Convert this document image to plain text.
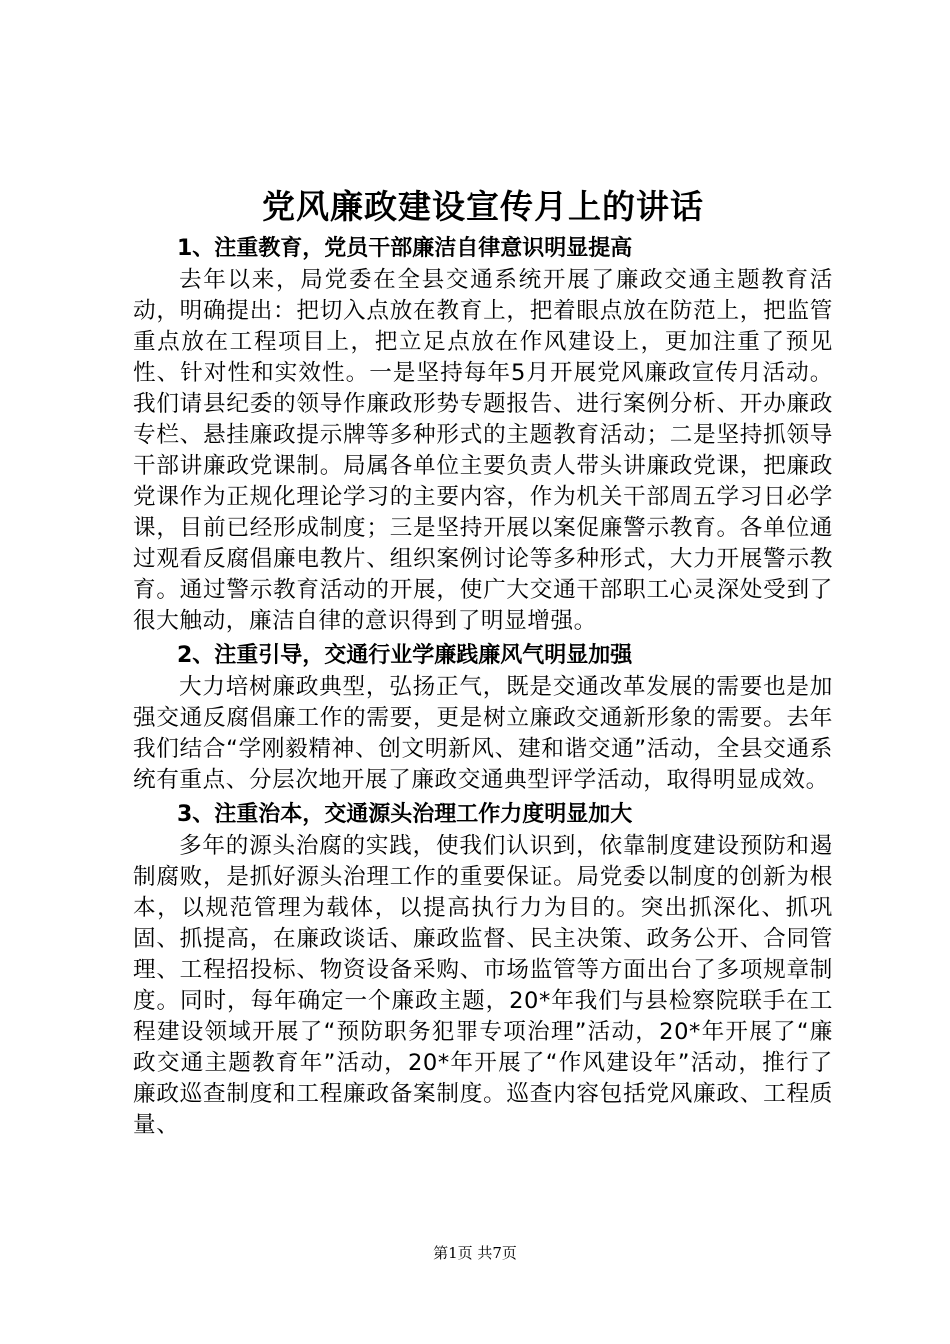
党风廉政建设宣传月上的讲话
1、注重教育，党员干部廉洁自律意识明显提高

去年以来，局党委在全县交通系统开展了廉政交通主题教育活动，明确提出：把切入点放在教育上，把着眼点放在防范上，把监管重点放在工程项目上，把立足点放在作风建设上，更加注重了预见性、针对性和实效性。一是坚持每年5月开展党风廉政宣传月活动。我们请县纪委的领导作廉政形势专题报告、进行案例分析、开办廉政专栏、悬挂廉政提示牌等多种形式的主题教育活动；二是坚持抓领导干部讲廉政党课制。局属各单位主要负责人带头讲廉政党课，把廉政党课作为正规化理论学习的主要内容，作为机关干部周五学习日必学课，目前已经形成制度；三是坚持开展以案促廉警示教育。各单位通过观看反腐倡廉电教片、组织案例讨论等多种形式，大力开展警示教育。通过警示教育活动的开展，使广大交通干部职工心灵深处受到了很大触动，廉洁自律的意识得到了明显增强。

2、注重引导，交通行业学廉践廉风气明显加强

大力培树廉政典型，弘扬正气，既是交通改革发展的需要也是加强交通反腐倡廉工作的需要，更是树立廉政交通新形象的需要。去年我们结合“学刚毅精神、创文明新风、建和谐交通”活动，全县交通系统有重点、分层次地开展了廉政交通典型评学活动，取得明显成效。

3、注重治本，交通源头治理工作力度明显加大

多年的源头治腐的实践，使我们认识到，依靠制度建设预防和遏制腐败，是抓好源头治理工作的重要保证。局党委以制度的创新为根本，以规范管理为载体，以提高执行力为目的。突出抓深化、抓巩固、抓提高，在廉政谈话、廉政监督、民主决策、政务公开、合同管理、工程招投标、物资设备采购、市场监管等方面出台了多项规章制度。同时，每年确定一个廉政主题，20*年我们与县检察院联手在工程建设领域开展了“预防职务犯罪专项治理”活动，20*年开展了“廉政交通主题教育年”活动，20*年开展了“作风建设年”活动，推行了廉政巡查制度和工程廉政备案制度。巡查内容包括党风廉政、工程质量、

第1页 共7页
